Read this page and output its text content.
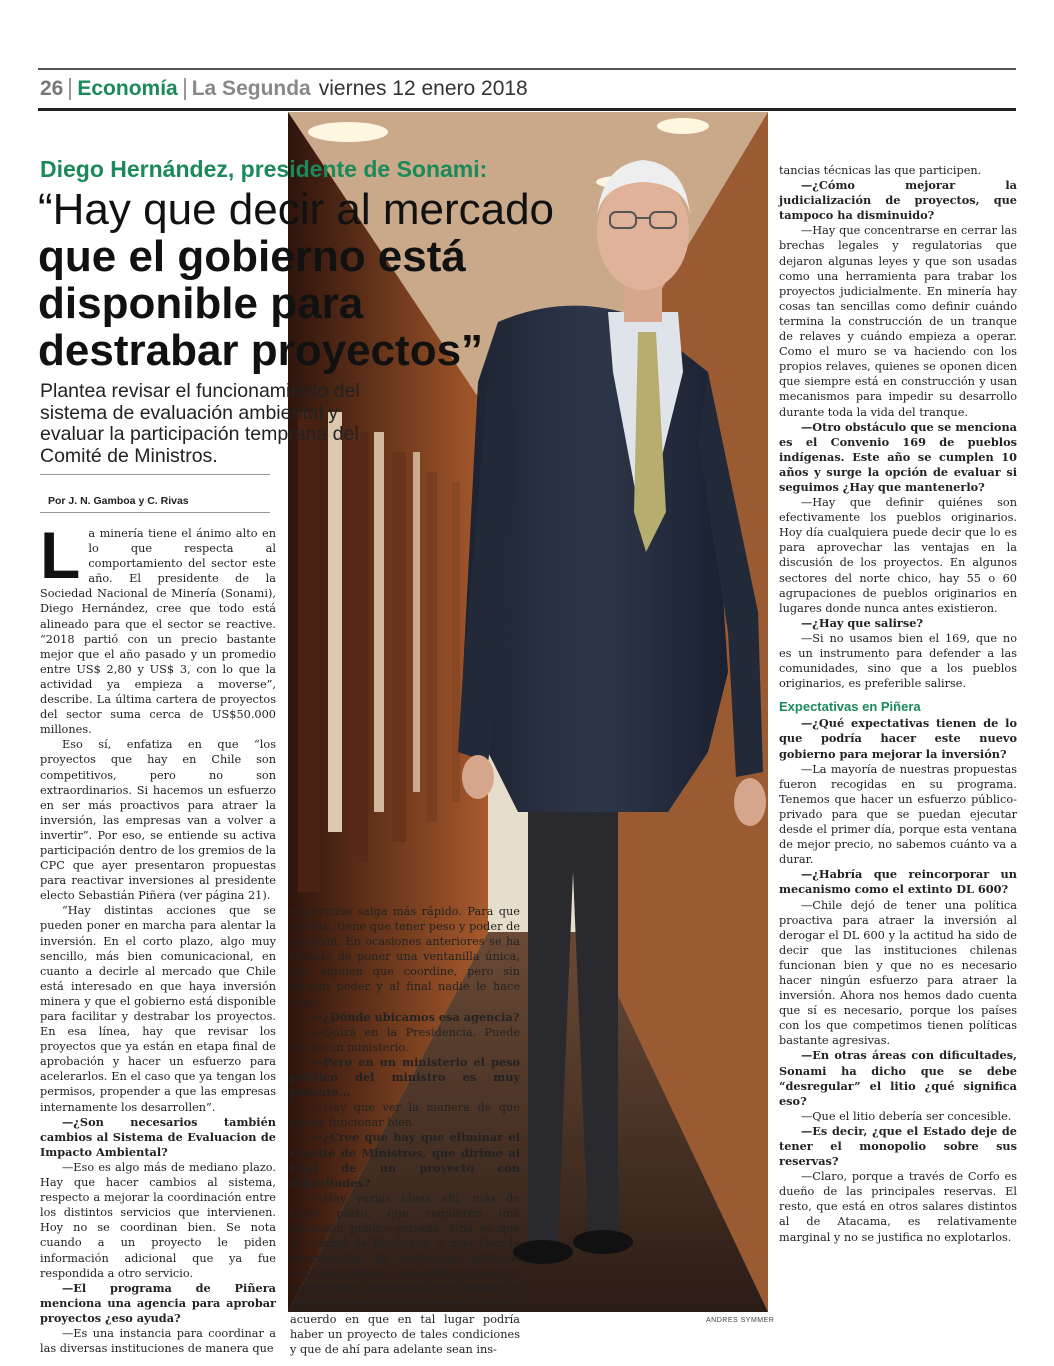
26 Economía La Segunda viernes 12 enero 2018
ANDRES SYMMER
Diego Hernández, presidente de Sonami:
“Hay que decir al mercado que el gobierno está disponible para destrabar proyectos”
Plantea revisar el funcionamiento del sistema de evaluación ambiental y evaluar la participación temprana del Comité de Ministros.
Por J. N. Gamboa y C. Rivas

La minería tiene el ánimo alto en lo que respecta al comportamiento del sector este año. El presidente de la Sociedad Nacional de Minería (Sonami), Diego Hernández, cree que todo está alineado para que el sector se reactive. “2018 partió con un precio bastante mejor que el año pasado y un promedio entre US$ 2,80 y US$ 3, con lo que la actividad ya empieza a moverse”, describe. La última cartera de proyectos del sector suma cerca de US$50.000 millones.

Eso sí, enfatiza en que “los proyectos que hay en Chile son competitivos, pero no son extraordinarios. Si hacemos un esfuerzo en ser más proactivos para atraer la inversión, las empresas van a volver a invertir”. Por eso, se entiende su activa participación dentro de los gremios de la CPC que ayer presentaron propuestas para reactivar inversiones al presidente electo Sebastián Piñera (ver página 21).

“Hay distintas acciones que se pueden poner en marcha para alentar la inversión. En el corto plazo, algo muy sencillo, más bien comunicacional, en cuanto a decirle al mercado que Chile está interesado en que haya inversión minera y que el gobierno está disponible para facilitar y destrabar los proyectos. En esa línea, hay que revisar los proyectos que ya están en etapa final de aprobación y hacer un esfuerzo para acelerarlos. En el caso que ya tengan los permisos, propender a que las empresas internamente los desarrollen”.

—¿Son necesarios también cambios al Sistema de Evaluacion de Impacto Ambiental?

—Eso es algo más de mediano plazo. Hay que hacer cambios al sistema, respecto a mejorar la coordinación entre los distintos servicios que intervienen. Hoy no se coordinan bien. Se nota cuando a un proyecto le piden información adicional que ya fue respondida a otro servicio.

—El programa de Piñera menciona una agencia para aprobar proyectos ¿eso ayuda?

—Es una instancia para coordinar a las diversas instituciones de manera que

el permiso salga más rápido. Para que resulte, tiene que tener peso y poder de decisión. En ocasiones anteriores se ha tratado de poner una ventanilla única, con alguien que coordine, pero sin ningún poder y al final nadie le hace caso.

—¿Dónde ubicamos esa agencia?

—Quizá en la Presidencia. Puede ser en un ministerio.

—Pero en un ministerio el peso político del ministro es muy potente...

—Hay que ver la manera de que pueda funcionar bien.

—¿Cree que hay que eliminar el Comité de Ministros, que dirime al final de un proyecto con dificultades?

—Hay varias ideas ahí, más de largo plazo, que requieren una discusión público-privada. Una es que el Comité de Ministros, o más bien la intervención de instancias políticas sean tempranas y no estén al final de un proyecto. De manera que primero el Estado se pronuncie y estemos todos de acuerdo en que en tal lugar podría haber un proyecto de tales condiciones y que de ahí para adelante sean ins-

tancias técnicas las que participen.

—¿Cómo mejorar la judicialización de proyectos, que tampoco ha disminuido?

—Hay que concentrarse en cerrar las brechas legales y regulatorias que dejaron algunas leyes y que son usadas como una herramienta para trabar los proyectos judicialmente. En minería hay cosas tan sencillas como definir cuándo termina la construcción de un tranque de relaves y cuándo empieza a operar. Como el muro se va haciendo con los propios relaves, quienes se oponen dicen que siempre está en construcción y usan mecanismos para impedir su desarrollo durante toda la vida del tranque.

—Otro obstáculo que se menciona es el Convenio 169 de pueblos indígenas. Este año se cumplen 10 años y surge la opción de evaluar si seguimos ¿Hay que mantenerlo?

—Hay que definir quiénes son efectivamente los pueblos originarios. Hoy día cualquiera puede decir que lo es para aprovechar las ventajas en la discusión de los proyectos. En algunos sectores del norte chico, hay 55 o 60 agrupaciones de pueblos originarios en lugares donde nunca antes existieron.

—¿Hay que salirse?

—Si no usamos bien el 169, que no es un instrumento para defender a las comunidades, sino que a los pueblos originarios, es preferible salirse.

Expectativas en Piñera

—¿Qué expectativas tienen de lo que podría hacer este nuevo gobierno para mejorar la inversión?

—La mayoría de nuestras propuestas fueron recogidas en su programa. Tenemos que hacer un esfuerzo público-privado para que se puedan ejecutar desde el primer día, porque esta ventana de mejor precio, no sabemos cuánto va a durar.

—¿Habría que reincorporar un mecanismo como el extinto DL 600?

—Chile dejó de tener una política proactiva para atraer la inversión al derogar el DL 600 y la actitud ha sido de decir que las instituciones chilenas funcionan bien y que no es necesario hacer ningún esfuerzo para atraer la inversión. Ahora nos hemos dado cuenta que sí es necesario, porque los países con los que competimos tienen políticas bastante agresivas.

—En otras áreas con dificultades, Sonami ha dicho que se debe “desregular” el litio ¿qué significa eso?

—Que el litio debería ser concesible.

—Es decir, ¿que el Estado deje de tener el monopolio sobre sus reservas?

—Claro, porque a través de Corfo es dueño de las principales reservas. El resto, que está en otros salares distintos al de Atacama, es relativamente marginal y no se justifica no explotarlos.
